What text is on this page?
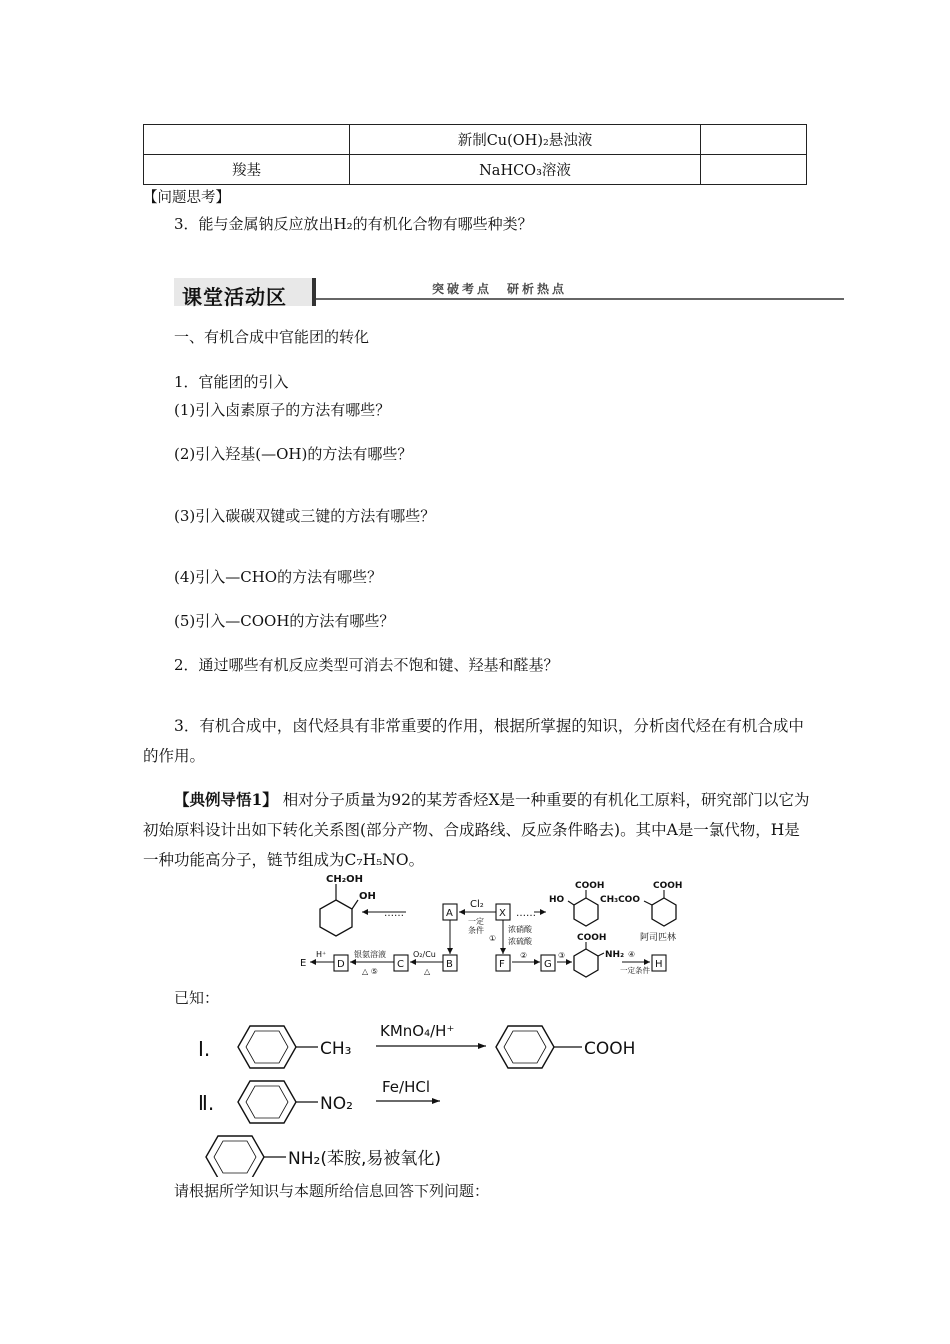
	新制Cu(OH)₂悬浊液	
羧基	NaHCO₃溶液	
【问题思考】
3．能与金属钠反应放出H₂的有机化合物有哪些种类？
课堂活动区	突破考点　研析热点
一、有机合成中官能团的转化
1．官能团的引入
(1)引入卤素原子的方法有哪些？
(2)引入羟基(—OH)的方法有哪些？
(3)引入碳碳双键或三键的方法有哪些？
(4)引入—CHO的方法有哪些？
(5)引入—COOH的方法有哪些？
2．通过哪些有机反应类型可消去不饱和键、羟基和醛基？
3．有机合成中，卤代烃具有非常重要的作用，根据所掌握的知识，分析卤代烃在有机合成中的作用。
【典例导悟1】 相对分子质量为92的某芳香烃X是一种重要的有机化工原料，研究部门以它为初始原料设计出如下转化关系图(部分产物、合成路线、反应条件略去)。其中A是一氯代物，H是一种功能高分子，链节组成为C₇H₅NO。
CH₂OH
OH
……	A
Cl₂
一定
条件
X ……
COOH
HO	CH₃COO
COOH
阿司匹林
E
H⁺
D
银氨溶液
△ ⑤
C
O₂/Cu
△
B
①
浓硝酸
浓硫酸
F
②
G
③
COOH
NH₂ ④
一定条件
H
已知：
Ⅰ.	CH₃
KMnO₄/H⁺
COOH
Ⅱ.	NO₂
Fe/HCl
NH₂(苯胺,易被氧化)
请根据所学知识与本题所给信息回答下列问题：
